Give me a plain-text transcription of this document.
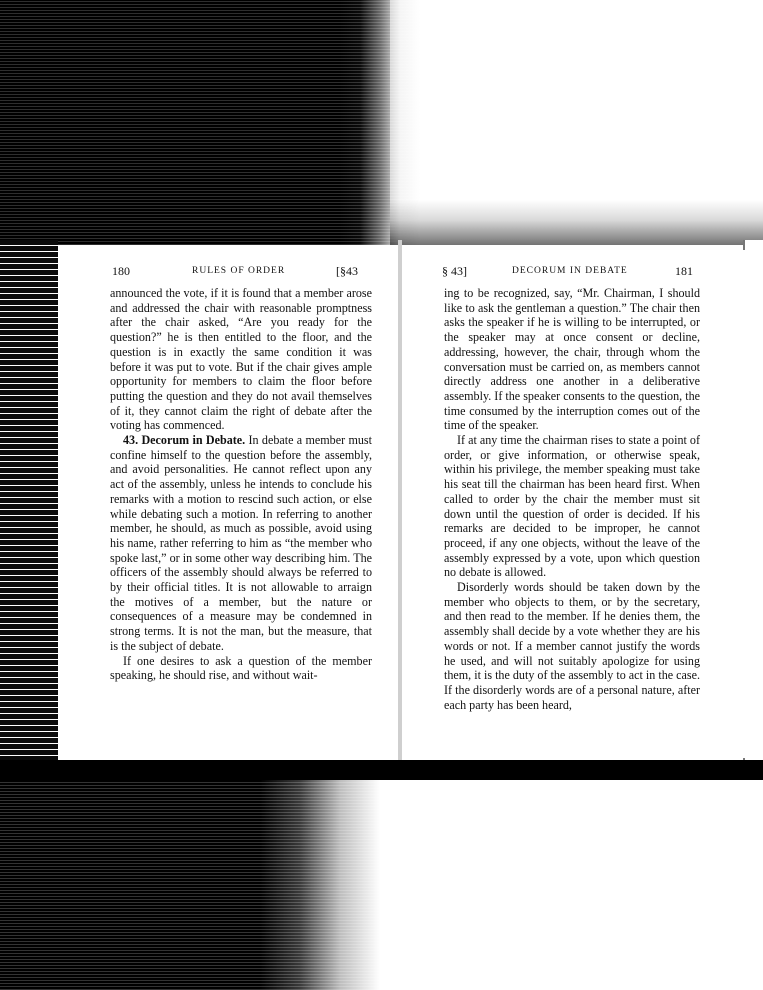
180	RULES OF ORDER	[§43

announced the vote, if it is found that a member arose and addressed the chair with reasonable promptness after the chair asked, “Are you ready for the question?” he is then entitled to the floor, and the question is in exactly the same condition it was before it was put to vote. But if the chair gives ample opportunity for members to claim the floor before putting the question and they do not avail themselves of it, they cannot claim the right of debate after the voting has commenced.

43. Decorum in Debate. In debate a member must confine himself to the question before the assembly, and avoid personalities. He cannot reflect upon any act of the assembly, unless he intends to conclude his remarks with a motion to rescind such action, or else while debating such a motion. In referring to another member, he should, as much as possible, avoid using his name, rather referring to him as “the member who spoke last,” or in some other way describing him. The officers of the assembly should always be referred to by their official titles. It is not allowable to arraign the motives of a member, but the nature or consequences of a measure may be condemned in strong terms. It is not the man, but the measure, that is the subject of debate.

If one desires to ask a question of the member speaking, he should rise, and without wait-

§ 43]	DECORUM IN DEBATE	181

ing to be recognized, say, “Mr. Chairman, I should like to ask the gentleman a question.” The chair then asks the speaker if he is willing to be interrupted, or the speaker may at once consent or decline, addressing, however, the chair, through whom the conversation must be carried on, as members cannot directly address one another in a deliberative assembly. If the speaker consents to the question, the time consumed by the interruption comes out of the time of the speaker.

If at any time the chairman rises to state a point of order, or give information, or otherwise speak, within his privilege, the member speaking must take his seat till the chairman has been heard first. When called to order by the chair the member must sit down until the question of order is decided. If his remarks are decided to be improper, he cannot proceed, if any one objects, without the leave of the assembly expressed by a vote, upon which question no debate is allowed.

Disorderly words should be taken down by the member who objects to them, or by the secretary, and then read to the member. If he denies them, the assembly shall decide by a vote whether they are his words or not. If a member cannot justify the words he used, and will not suitably apologize for using them, it is the duty of the assembly to act in the case. If the disorderly words are of a personal nature, after each party has been heard,
